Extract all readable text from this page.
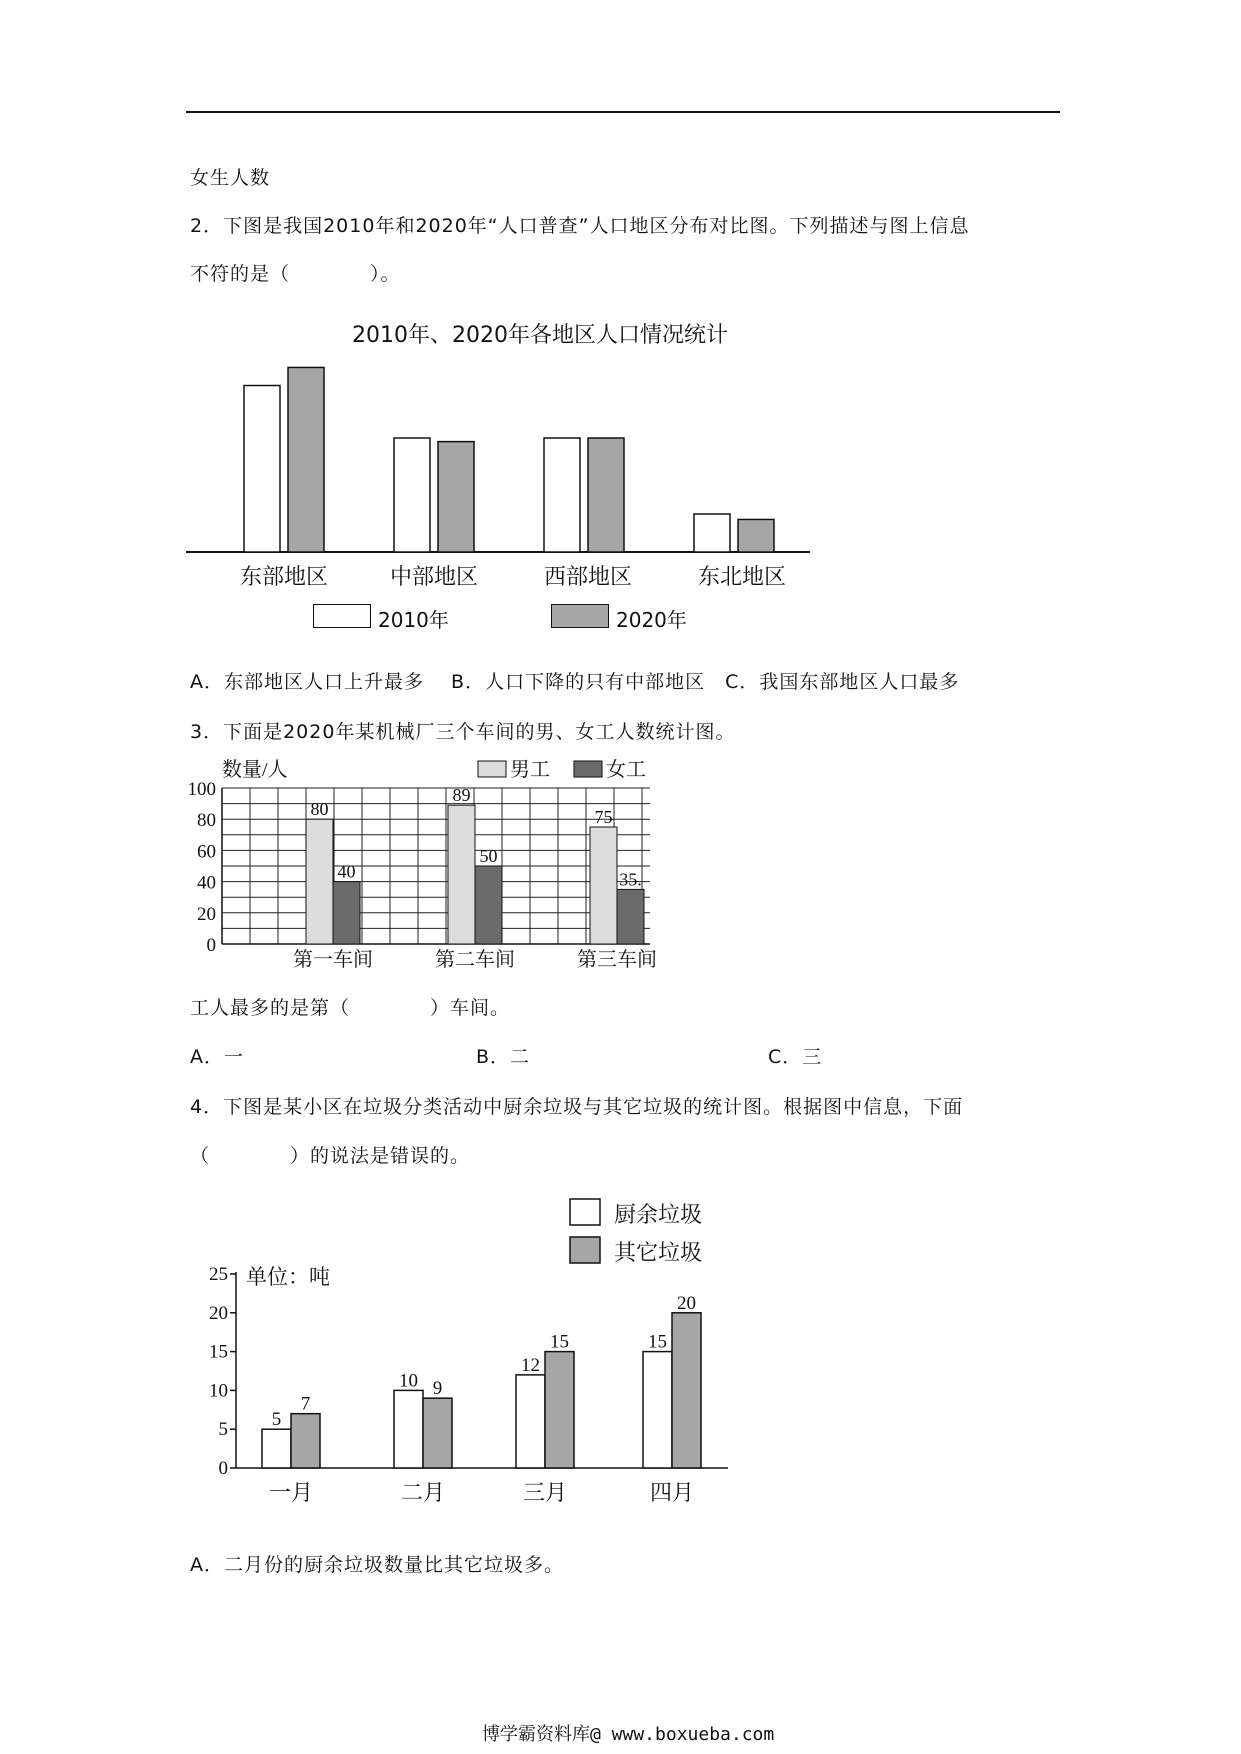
女生人数
2．下图是我国2010年和2020年“人口普查”人口地区分布对比图。下列描述与图上信息
不符的是（　　　　）。
2010年、2020年各地区人口情况统计
东部地区	中部地区	西部地区	东北地区
2010年	2020年
A．东部地区人口上升最多　 B．人口下降的只有中部地区　C．我国东部地区人口最多
3．下面是2020年某机械厂三个车间的男、女工人数统计图。
0
20
40
60
80
100
数量/人	男工	女工
80
40
第一车间
89
50
第二车间
75
35.
第三车间
工人最多的是第（　　　　）车间。
A．一	B．二	C．三
4．下图是某小区在垃圾分类活动中厨余垃圾与其它垃圾的统计图。根据图中信息，下面
（　　　　）的说法是错误的。
厨余垃圾
其它垃圾
单位：吨
0
5
10
15
20
25
5
7
一月
10 9
二月
12
15
三月
15
20
四月
A．二月份的厨余垃圾数量比其它垃圾多。
博学霸资料库@ www.boxueba.com
